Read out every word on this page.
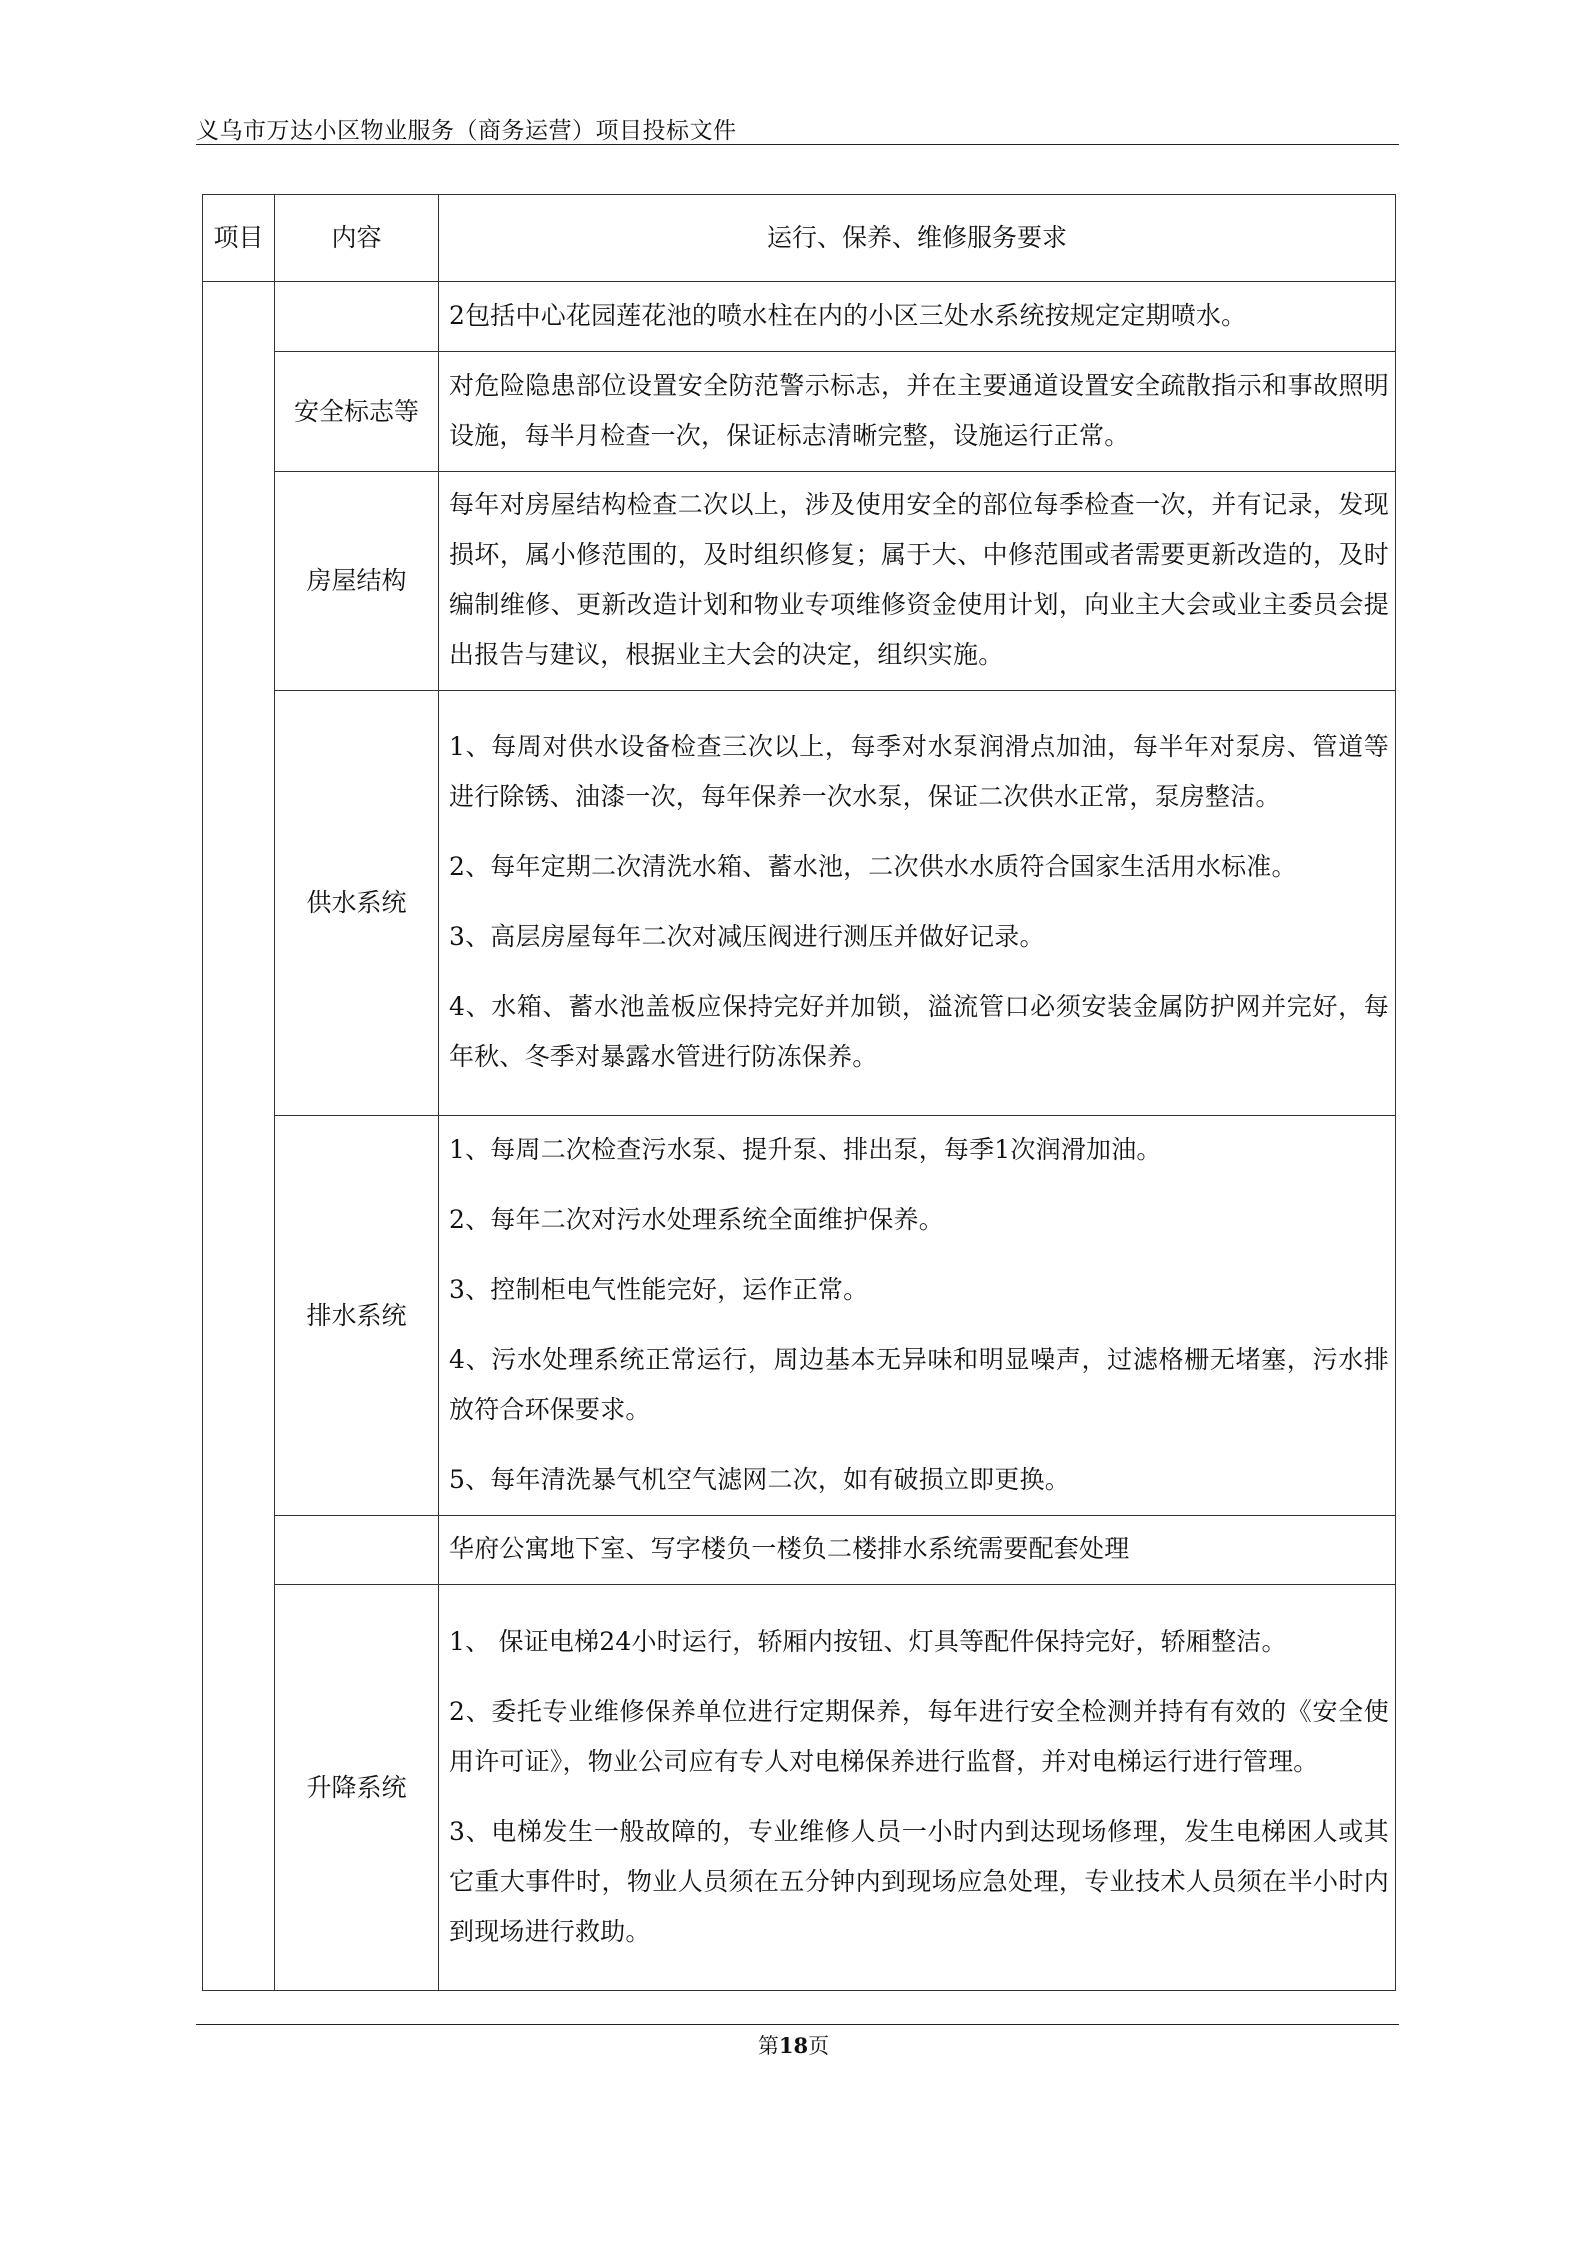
义乌市万达小区物业服务（商务运营）项目投标文件
项目	内容	运行、保养、维修服务要求

		2包括中心花园莲花池的喷水柱在内的小区三处水系统按规定定期喷水。

	安全标志等	对危险隐患部位设置安全防范警示标志，并在主要通道设置安全疏散指示和事故照明设施，每半月检查一次，保证标志清晰完整，设施运行正常。

	房屋结构	每年对房屋结构检查二次以上，涉及使用安全的部位每季检查一次，并有记录，发现损坏，属小修范围的，及时组织修复；属于大、中修范围或者需要更新改造的，及时编制维修、更新改造计划和物业专项维修资金使用计划，向业主大会或业主委员会提出报告与建议，根据业主大会的决定，组织实施。

	供水系统	1、每周对供水设备检查三次以上，每季对水泵润滑点加油，每半年对泵房、管道等进行除锈、油漆一次，每年保养一次水泵，保证二次供水正常，泵房整洁。

2、每年定期二次清洗水箱、蓄水池，二次供水水质符合国家生活用水标准。

3、高层房屋每年二次对减压阀进行测压并做好记录。

4、水箱、蓄水池盖板应保持完好并加锁，溢流管口必须安装金属防护网并完好，每年秋、冬季对暴露水管进行防冻保养。

	排水系统	1、每周二次检查污水泵、提升泵、排出泵，每季1次润滑加油。

2、每年二次对污水处理系统全面维护保养。

3、控制柜电气性能完好，运作正常。

4、污水处理系统正常运行，周边基本无异味和明显噪声，过滤格栅无堵塞，污水排放符合环保要求。

5、每年清洗暴气机空气滤网二次，如有破损立即更换。

		华府公寓地下室、写字楼负一楼负二楼排水系统需要配套处理

	升降系统	1、 保证电梯24小时运行，轿厢内按钮、灯具等配件保持完好，轿厢整洁。

2、委托专业维修保养单位进行定期保养，每年进行安全检测并持有有效的《安全使用许可证》，物业公司应有专人对电梯保养进行监督，并对电梯运行进行管理。

3、电梯发生一般故障的，专业维修人员一小时内到达现场修理，发生电梯困人或其它重大事件时，物业人员须在五分钟内到现场应急处理，专业技术人员须在半小时内到现场进行救助。

第18页
